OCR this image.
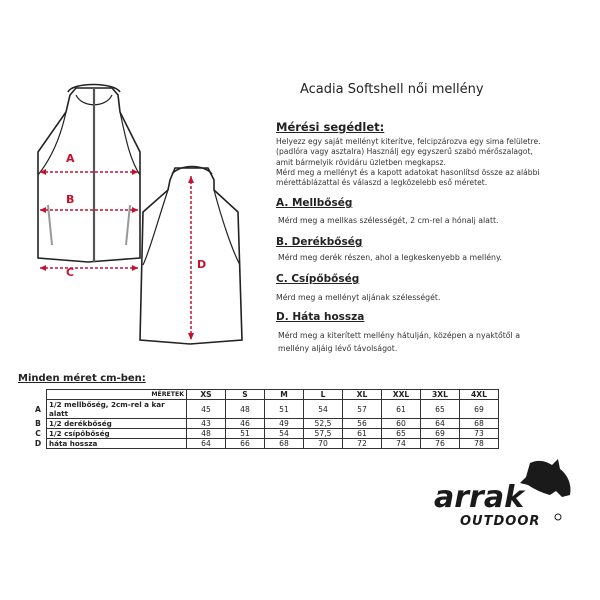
A
B
C
D
Acadia Softshell női mellény
Mérési segédlet:
Helyezz egy saját mellényt kiterítve, felcipzározva egy sima felületre.
(padlóra vagy asztalra) Használj egy egyszerű szabó mérőszalagot,
amit bármelyik rövidáru üzletben megkapsz.
Mérd meg a mellényt és a kapott adatokat hasonlítsd össze az alábbi
mérettáblázattal és válaszd a legközelebb eső méretet.
A. Mellbőség
Mérd meg a mellkas szélességét, 2 cm-rel a hónalj alatt.
B. Derékbőség
Mérd meg derék részen, ahol a legkeskenyebb a mellény.
C. Csípőbőség
Mérd meg a mellényt aljának szélességét.
D. Háta hossza
Mérd meg a kiterített mellény hátulján, középen a nyaktőtől a
mellény aljáig lévő távolságot.
Minden méret cm-ben:
	MÉRETEK	XS	S	M	L	XL	XXL	3XL	4XL
A	1/2 mellbőség, 2cm-rel a kar alatt	45	48	51	54	57	61	65	69
B	1/2 derékbőség	43	46	49	52,5	56	60	64	68
C	1/2 csípőbőség	48	51	54	57,5	61	65	69	73
D	háta hossza	64	66	68	70	72	74	76	78
arrak
OUTDOOR
